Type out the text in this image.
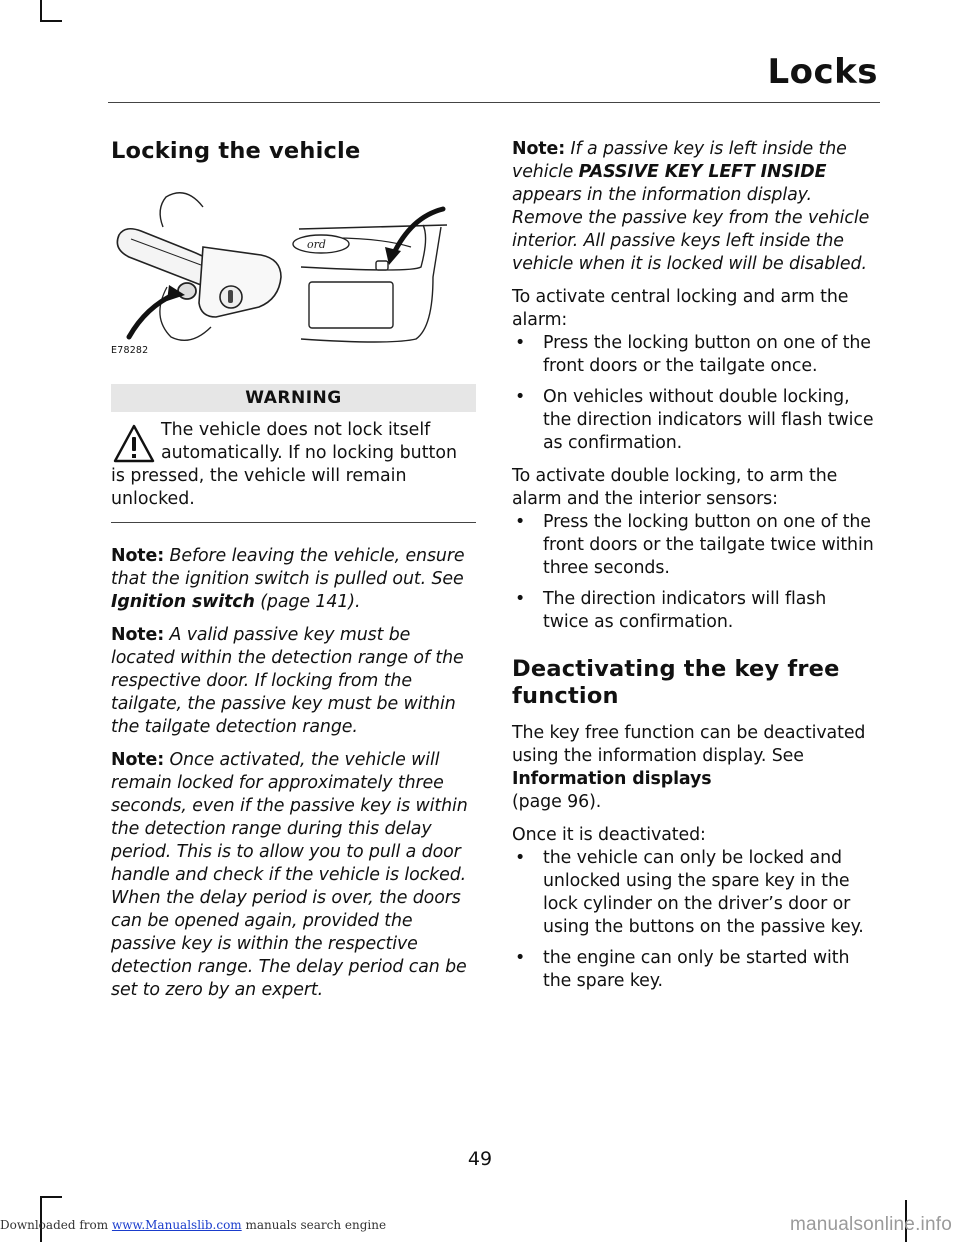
Locks
Locking the vehicle
ord
E78282
WARNING
The vehicle does not lock itself automatically. If no locking button is pressed, the vehicle will remain unlocked.

Note: Before leaving the vehicle, ensure that the ignition switch is pulled out. See Ignition switch (page 141).

Note: A valid passive key must be located within the detection range of the respective door. If locking from the tailgate, the passive key must be within the tailgate detection range.

Note: Once activated, the vehicle will remain locked for approximately three seconds, even if the passive key is within the detection range during this delay period. This is to allow you to pull a door handle and check if the vehicle is locked. When the delay period is over, the doors can be opened again, provided the passive key is within the respective detection range. The delay period can be set to zero by an expert.

Note: If a passive key is left inside the vehicle PASSIVE KEY LEFT INSIDE appears in the information display. Remove the passive key from the vehicle interior. All passive keys left inside the vehicle when it is locked will be disabled.

To activate central locking and arm the alarm:

• Press the locking button on one of the front doors or the tailgate once.
• On vehicles without double locking, the direction indicators will flash twice as confirmation.

To activate double locking, to arm the alarm and the interior sensors:

• Press the locking button on one of the front doors or the tailgate twice within three seconds.
• The direction indicators will flash twice as confirmation.
Deactivating the key free function

The key free function can be deactivated using the information display. See Information displays
(page 96).

Once it is deactivated:

• the vehicle can only be locked and unlocked using the spare key in the lock cylinder on the driver’s door or using the buttons on the passive key.
• the engine can only be started with the spare key.
49
Downloaded from www.Manualslib.com manuals search engine	manualsonline.info
